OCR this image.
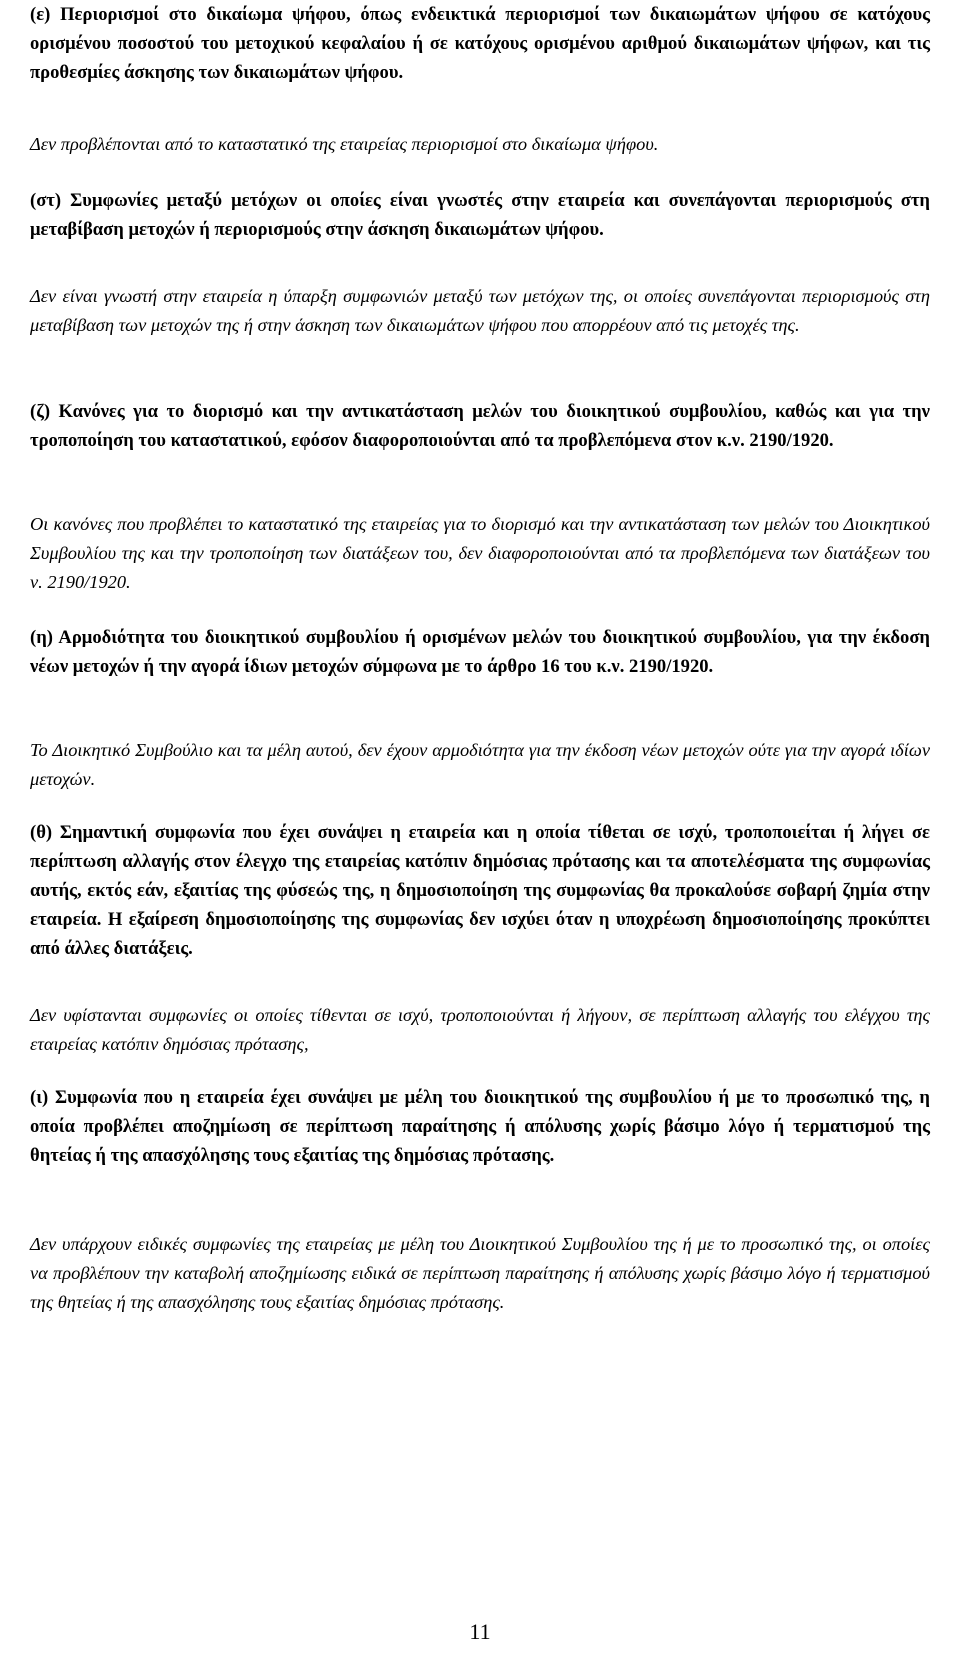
(ε) Περιορισμοί στο δικαίωμα ψήφου, όπως ενδεικτικά περιορισμοί των δικαιωμάτων ψήφου σε κατόχους ορισμένου ποσοστού του μετοχικού κεφαλαίου ή σε κατόχους ορισμένου αριθμού δικαιωμάτων ψήφων, και τις προθεσμίες άσκησης των δικαιωμάτων ψήφου.

Δεν προβλέπονται από το καταστατικό της εταιρείας περιορισμοί στο δικαίωμα ψήφου.

(στ) Συμφωνίες μεταξύ μετόχων οι οποίες είναι γνωστές στην εταιρεία και συνεπάγονται περιορισμούς στη μεταβίβαση μετοχών ή περιορισμούς στην άσκηση δικαιωμάτων ψήφου.

Δεν είναι γνωστή στην εταιρεία η ύπαρξη συμφωνιών μεταξύ των μετόχων της, οι οποίες συνεπάγονται περιορισμούς στη μεταβίβαση των μετοχών της ή στην άσκηση των δικαιωμάτων ψήφου που απορρέουν από τις μετοχές της.

(ζ) Κανόνες για το διορισμό και την αντικατάσταση μελών του διοικητικού συμβουλίου, καθώς και για την τροποποίηση του καταστατικού, εφόσον διαφοροποιούνται από τα προβλεπόμενα στον κ.ν. 2190/1920.

Οι κανόνες που προβλέπει το καταστατικό της εταιρείας για το διορισμό και την αντικατάσταση των μελών του Διοικητικού Συμβουλίου της και την τροποποίηση των διατάξεων του, δεν διαφοροποιούνται από τα προβλεπόμενα των διατάξεων του ν. 2190/1920.

(η) Αρμοδιότητα του διοικητικού συμβουλίου ή ορισμένων μελών του διοικητικού συμβουλίου, για την έκδοση νέων μετοχών ή την αγορά ίδιων μετοχών σύμφωνα με το άρθρο 16 του κ.ν. 2190/1920.

Το Διοικητικό Συμβούλιο και τα μέλη αυτού, δεν έχουν αρμοδιότητα για την έκδοση νέων μετοχών ούτε για την αγορά ιδίων μετοχών.

(θ) Σημαντική συμφωνία που έχει συνάψει η εταιρεία και η οποία τίθεται σε ισχύ, τροποποιείται ή λήγει σε περίπτωση αλλαγής στον έλεγχο της εταιρείας κατόπιν δημόσιας πρότασης και τα αποτελέσματα της συμφωνίας αυτής, εκτός εάν, εξαιτίας της φύσεώς της, η δημοσιοποίηση της συμφωνίας θα προκαλούσε σοβαρή ζημία στην εταιρεία. Η εξαίρεση δημοσιοποίησης της συμφωνίας δεν ισχύει όταν η υποχρέωση δημοσιοποίησης προκύπτει από άλλες διατάξεις.

Δεν υφίστανται συμφωνίες οι οποίες τίθενται σε ισχύ, τροποποιούνται ή λήγουν, σε περίπτωση αλλαγής του ελέγχου της εταιρείας κατόπιν δημόσιας πρότασης,

(ι) Συμφωνία που η εταιρεία έχει συνάψει με μέλη του διοικητικού της συμβουλίου ή με το προσωπικό της, η οποία προβλέπει αποζημίωση σε περίπτωση παραίτησης ή απόλυσης χωρίς βάσιμο λόγο ή τερματισμού της θητείας ή της απασχόλησης τους εξαιτίας της δημόσιας πρότασης.

Δεν υπάρχουν ειδικές συμφωνίες της εταιρείας με μέλη του Διοικητικού Συμβουλίου της ή με το προσωπικό της, οι οποίες να προβλέπουν την καταβολή αποζημίωσης ειδικά σε περίπτωση παραίτησης ή απόλυσης χωρίς βάσιμο λόγο ή τερματισμού της θητείας ή της απασχόλησης τους εξαιτίας δημόσιας πρότασης.

11
